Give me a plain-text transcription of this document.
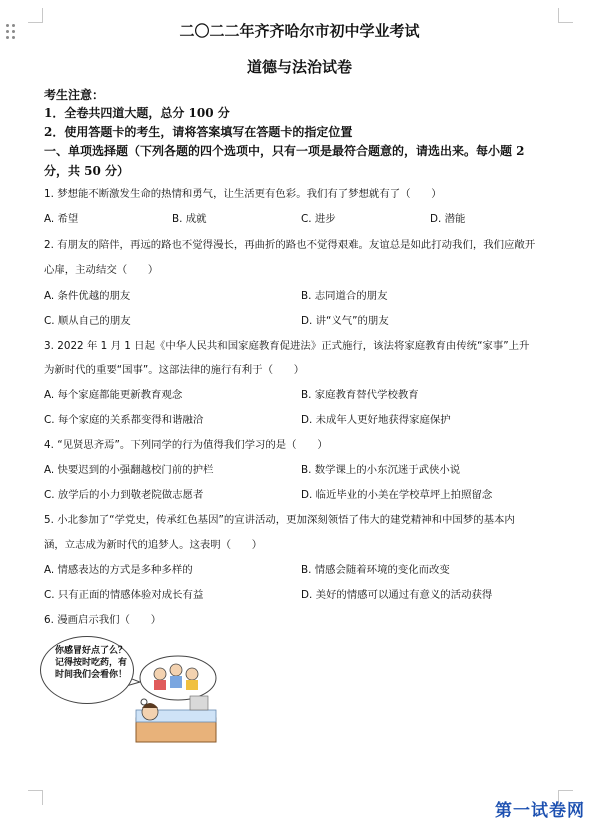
二〇二二年齐齐哈尔市初中学业考试
道德与法治试卷
考生注意：
1．全卷共四道大题，总分 100 分
2．使用答题卡的考生，请将答案填写在答题卡的指定位置
一、单项选择题（下列各题的四个选项中，只有一项是最符合题意的，请选出来。每小题 2
分，共 50 分）
1. 梦想能不断激发生命的热情和勇气，让生活更有色彩。我们有了梦想就有了（　　）
A. 希望	B. 成就	C. 进步	D. 潜能
2. 有朋友的陪伴，再远的路也不觉得漫长，再曲折的路也不觉得艰难。友谊总是如此打动我们，我们应敞开
心扉，主动结交（　　）
A. 条件优越的朋友	B. 志同道合的朋友
C. 顺从自己的朋友	D. 讲“义气”的朋友
3. 2022 年 1 月 1 日起《中华人民共和国家庭教育促进法》正式施行，该法将家庭教育由传统“家事”上升
为新时代的重要“国事”。这部法律的施行有利于（　　）
A. 每个家庭都能更新教育观念	B. 家庭教育替代学校教育
C. 每个家庭的关系都变得和谐融洽	D. 未成年人更好地获得家庭保护
4. “见贤思齐焉”。下列同学的行为值得我们学习的是（　　）
A. 快要迟到的小强翻越校门前的护栏	B. 数学课上的小东沉迷于武侠小说
C. 放学后的小力到敬老院做志愿者	D. 临近毕业的小美在学校草坪上拍照留念
5. 小北参加了“学党史，传承红色基因”的宣讲活动，更加深刻领悟了伟大的建党精神和中国梦的基本内
涵，立志成为新时代的追梦人。这表明（　　）
A. 情感表达的方式是多种多样的	B. 情感会随着环境的变化而改变
C. 只有正面的情感体验对成长有益	D. 美好的情感可以通过有意义的活动获得
6. 漫画启示我们（　　）
你感冒好点了么？记得按时吃药，有时间我们会看你！
第一试卷网
